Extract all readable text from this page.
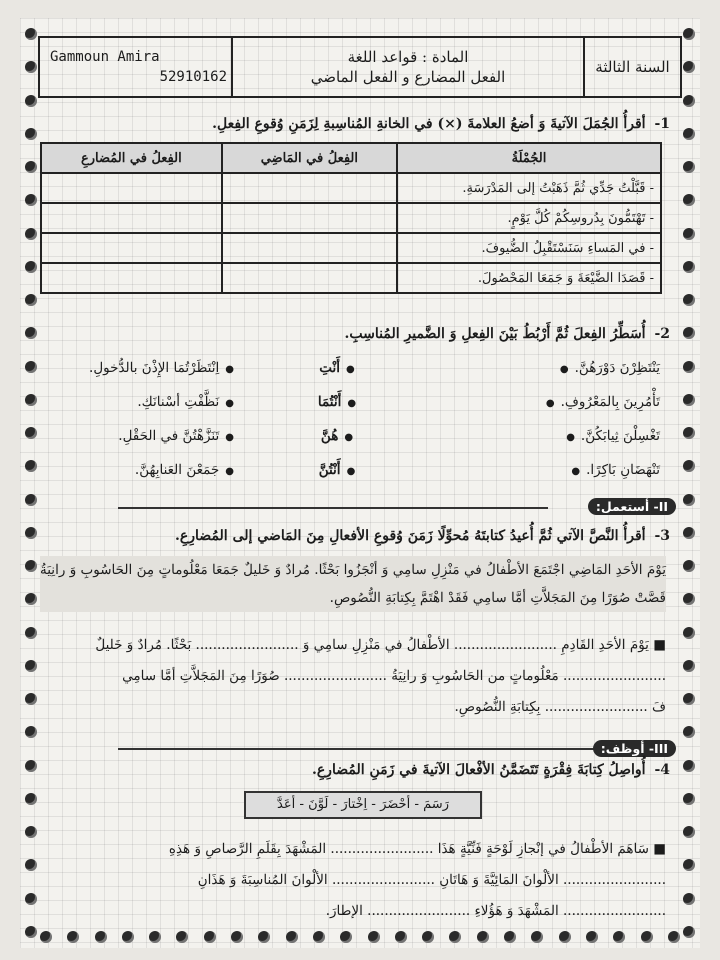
السنة الثالثة
المادة : قواعد اللغة
الفعل المضارع و الفعل الماضي
Gammoun Amira
52910162
1- أقرأُ الجُمَلَ الآتيةَ وَ أضعُ العلامةَ (×) في الخانةِ المُناسِبةِ لِزَمَنِ وُقوعِ الفِعلِ.
الجُمْلَةُ	الفِعلُ في المَاضِي	الفِعلُ في المُضارعِ
- قَبَّلْتُ جَدِّي ثُمَّ ذَهَبْتُ إلى المَدْرَسَةِ.		
- تَهْتَمُّونَ بِدُروسِكُمْ كُلَّ يَوْمٍ.		
- في المَساءِ سَنَسْتَقْبِلُ الضُّيوفَ.		
- قَصَدَا الضَّيْعَةَ وَ جَمَعَا المَحْصُولَ.		
2- أُسَطِّرُ الفِعلَ ثُمَّ أَرْبُطُ بَيْنَ الفِعلِ وَ الضَّميرِ المُناسِبِ.
يَنْتَظِرْنَ دَوْرَهُنَّ.●
●أَنْتِ
●اِنْتَظَرْتُمَا الإِذْنَ بالدُّخولِ.
تَأْمُرِينَ بِالمَعْرُوفِ.●
●أَنْتُمَا
●نَظَّفْتِ أسْنانَكِ.
تَغْسِلْنَ ثِيابَكُنَّ.●
●هُنَّ
●تَنَزَّهْتُنَّ في الحَقْلِ.
تَنْهَضَانِ بَاكِرًا.●
●أَنْتُنَّ
●جَمَعْنَ العَنابِهُنَّ.
II- أستعمل:
3- أقرأُ النَّصَّ الآتي ثُمَّ أُعيدُ كتابتَهُ مُحوِّلًا زَمَنَ وُقوعِ الأفعالِ مِنَ المَاضي إلى المُضارِعِ.
يَوْمَ الأحَدِ المَاضِي اجْتَمَعَ الأطْفالُ في مَنْزِلِ سامِي وَ أنْجَزُوا بَحْثًا. مُرادٌ وَ خَليلٌ جَمَعَا مَعْلُوماتٍ مِنَ الحَاسُوبِ وَ رانِيَةُ قَصَّتْ صُوَرًا مِنَ المَجَلاَّتِ أمَّا سامِي فَقَدْ اهْتَمَّ بِكِتابَةِ النُّصُوصِ.
■ يَوْمَ الأحَدِ القَادِمِ ........................ الأطْفالُ في مَنْزِلِ سامِي وَ ........................ بَحْثًا. مُرادٌ وَ خَليلٌ
........................ مَعْلُوماتٍ من الحَاسُوبِ وَ رانِيَةُ ........................ صُوَرًا مِنَ المَجَلاَّتِ أمَّا سامِي
فَ ........................ بِكِتابَةِ النُّصُوصِ.
III- أوظف:
4- أُواصِلُ كِتابَةَ فِقْرَةٍ تَتَضَمَّنُ الأفْعالَ الآتيةَ في زَمَنِ المُضارِعِ.
رَسَمَ - أحْضَرَ - اِخْتارَ - لَوَّنَ - أعَدَّ
■ سَاهَمَ الأطْفالُ في إنْجازِ لَوْحَةٍ فَنِّيَّةٍ هَذَا ........................ المَشْهَدَ بِقَلَمِ الرَّصاصِ وَ هَذِهِ
........................ الألْوانَ المَائِيَّةَ وَ هَاتَانِ ........................ الألْوانَ المُناسِبَةَ وَ هَذَانِ
........................ المَشْهَدَ وَ هَؤُلاءِ ........................ الإطارَ.
